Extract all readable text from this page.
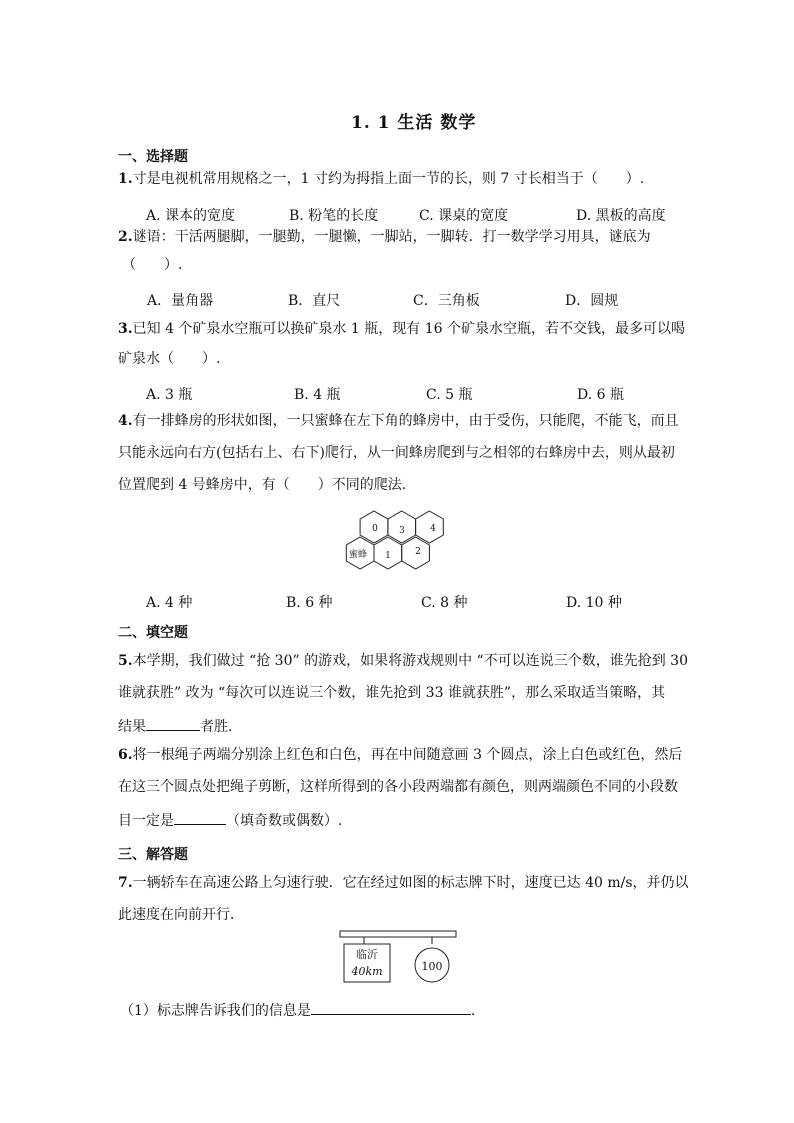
1. 1 生活 数学
一、选择题
1.寸是电视机常用规格之一，1 寸约为拇指上面一节的长，则 7 寸长相当于（　　）.
A. 课本的宽度	B. 粉笔的长度	C. 课桌的宽度	D. 黑板的高度
2.谜语：干活两腿脚，一腿勤，一腿懒，一脚站，一脚转．打一数学学习用具，谜底为
（　　）.
A．量角器	B．直尺	C．三角板	D．圆规
3.已知 4 个矿泉水空瓶可以换矿泉水 1 瓶，现有 16 个矿泉水空瓶，若不交钱，最多可以喝
矿泉水（　　）.
A. 3 瓶	B. 4 瓶	C. 5 瓶	D. 6 瓶
4.有一排蜂房的形状如图，一只蜜蜂在左下角的蜂房中，由于受伤，只能爬，不能飞，而且
只能永远向右方(包括右上、右下)爬行，从一间蜂房爬到与之相邻的右蜂房中去，则从最初
位置爬到 4 号蜂房中，有（　　）不同的爬法.
0 3	4
蜜蜂 1	2
A. 4 种	B. 6 种	C. 8 种	D. 10 种
二、填空题
5.本学期，我们做过 “抢 30” 的游戏，如果将游戏规则中 “不可以连说三个数，谁先抢到 30
谁就获胜” 改为 “每次可以连说三个数，谁先抢到 33 谁就获胜”，那么采取适当策略，其
结果	者胜.
6.将一根绳子两端分别涂上红色和白色，再在中间随意画 3 个圆点，涂上白色或红色，然后
在这三个圆点处把绳子剪断，这样所得到的各小段两端都有颜色，则两端颜色不同的小段数
目一定是	（填奇数或偶数）.
三、解答题
7.一辆轿车在高速公路上匀速行驶．它在经过如图的标志牌下时，速度已达 40 m/s，并仍以
此速度在向前开行．
临沂
40km	100
（1）标志牌告诉我们的信息是	.
